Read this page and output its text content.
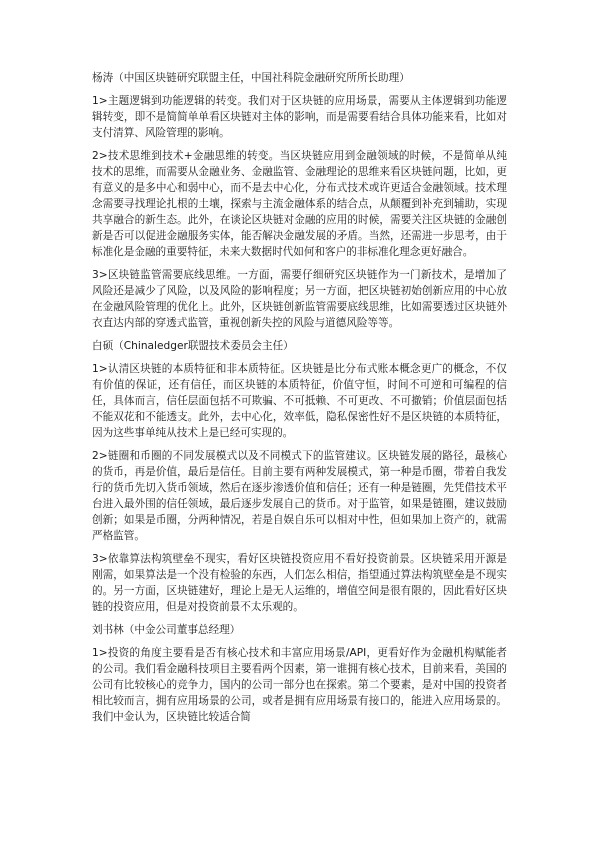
杨涛（中国区块链研究联盟主任，中国社科院金融研究所所长助理）

1>主题逻辑到功能逻辑的转变。我们对于区块链的应用场景，需要从主体逻辑到功能逻辑转变，即不是简简单单看区块链对主体的影响，而是需要看结合具体功能来看，比如对支付清算、风险管理的影响。

2>技术思维到技术+金融思维的转变。当区块链应用到金融领域的时候，不是简单从纯技术的思维，而需要从金融业务、金融监管、金融理论的思维来看区块链问题，比如，更有意义的是多中心和弱中心，而不是去中心化，分布式技术或许更适合金融领域。技术理念需要寻找理论扎根的土壤，探索与主流金融体系的结合点，从颠覆到补充到辅助，实现共享融合的新生态。此外，在谈论区块链对金融的应用的时候，需要关注区块链的金融创新是否可以促进金融服务实体，能否解决金融发展的矛盾。当然，还需进一步思考，由于标准化是金融的重要特征，未来大数据时代如何和客户的非标准化理念更好融合。

3>区块链监管需要底线思维。一方面，需要仔细研究区块链作为一门新技术，是增加了风险还是减少了风险，以及风险的影响程度；另一方面，把区块链初始创新应用的中心放在金融风险管理的优化上。此外，区块链创新监管需要底线思维，比如需要透过区块链外衣直达内部的穿透式监管，重视创新失控的风险与道德风险等等。

白硕（Chinaledger联盟技术委员会主任）

1>认清区块链的本质特征和非本质特征。区块链是比分布式账本概念更广的概念，不仅有价值的保证，还有信任，而区块链的本质特征，价值守恒，时间不可逆和可编程的信任，具体而言，信任层面包括不可欺骗、不可抵赖、不可更改、不可撤销；价值层面包括不能双花和不能透支。此外，去中心化，效率低，隐私保密性好不是区块链的本质特征，因为这些事单纯从技术上是已经可实现的。

2>链圈和币圈的不同发展模式以及不同模式下的监管建议。区块链发展的路径，最核心的货币，再是价值，最后是信任。目前主要有两种发展模式，第一种是币圈，带着自我发行的货币先切入货币领域，然后在逐步渗透价值和信任；还有一种是链圈，先凭借技术平台进入最外围的信任领域，最后逐步发展自己的货币。对于监管，如果是链圈，建议鼓励创新；如果是币圈，分两种情况，若是自娱自乐可以相对中性，但如果加上资产的，就需严格监管。

3>依靠算法构筑壁垒不现实，看好区块链投资应用不看好投资前景。区块链采用开源是刚需，如果算法是一个没有检验的东西，人们怎么相信，指望通过算法构筑壁垒是不现实的。另一方面，区块链建好，理论上是无人运维的，增值空间是很有限的，因此看好区块链的投资应用，但是对投资前景不太乐观的。

刘书林（中金公司董事总经理）

1>投资的角度主要看是否有核心技术和丰富应用场景/API，更看好作为金融机构赋能者的公司。我们看金融科技项目主要看两个因素，第一谁拥有核心技术，目前来看，美国的公司有比较核心的竞争力，国内的公司一部分也在探索。第二个要素，是对中国的投资者相比较而言，拥有应用场景的公司，或者是拥有应用场景有接口的，能进入应用场景的。我们中金认为，区块链比较适合简
